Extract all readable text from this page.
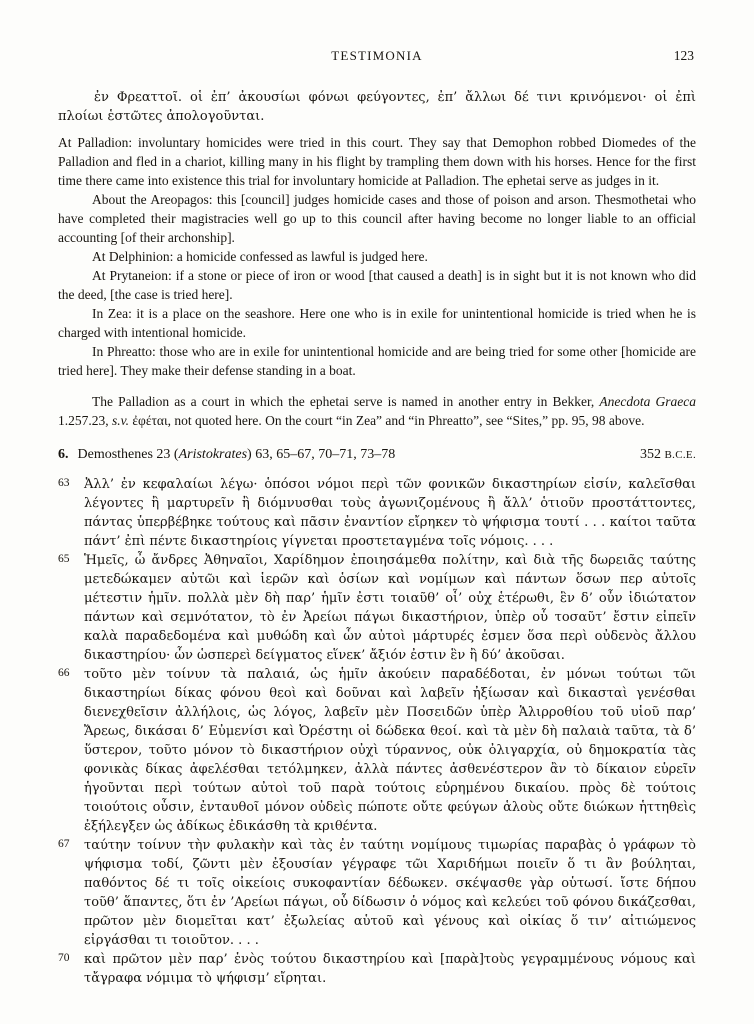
TESTIMONIA	123

ἐν Φρεαττοῖ. οἱ ἐπ’ ἀκουσίωι φόνωι φεύγοντες, ἐπ’ ἄλλωι δέ τινι κρινόμενοι· οἱ ἐπὶ πλοίωι ἑστῶτες ἀπολογοῦνται.

At Palladion: involuntary homicides were tried in this court. They say that Demophon robbed Diomedes of the Palladion and fled in a chariot, killing many in his flight by trampling them down with his horses. Hence for the first time there came into existence this trial for involuntary homicide at Palladion. The ephetai serve as judges in it.

About the Areopagos: this [council] judges homicide cases and those of poison and arson. Thesmothetai who have completed their magistracies well go up to this council after having become no longer liable to an official accounting [of their archonship].

At Delphinion: a homicide confessed as lawful is judged here.

At Prytaneion: if a stone or piece of iron or wood [that caused a death] is in sight but it is not known who did the deed, [the case is tried here].

In Zea: it is a place on the seashore. Here one who is in exile for unintentional homicide is tried when he is charged with intentional homicide.

In Phreatto: those who are in exile for unintentional homicide and are being tried for some other [homicide are tried here]. They make their defense standing in a boat.

The Palladion as a court in which the ephetai serve is named in another entry in Bekker, Anecdota Graeca 1.257.23, s.v. ἐφέται, not quoted here. On the court “in Zea” and “in Phreatto”, see “Sites,” pp. 95, 98 above.

6. Demosthenes 23 (Aristokrates) 63, 65–67, 70–71, 73–78	352 B.C.E.
63 Ἀλλ’ ἐν κεφαλαίωι λέγω· ὁπόσοι νόμοι περὶ τῶν φονικῶν δικαστηρίων εἰσίν, καλεῖσθαι λέγοντες ἢ μαρτυρεῖν ἢ διόμνυσθαι τοὺς ἀγωνιζομένους ἢ ἄλλ’ ὁτιοῦν προστάττοντες, πάντας ὑπερβέβηκε τούτους καὶ πᾶσιν ἐναντίον εἴρηκεν τὸ ψήφισμα τουτί . . . καίτοι ταῦτα πάντ’ ἐπὶ πέντε δικαστηρίοις γίγνεται προστεταγμένα τοῖς νόμοις. . . .

65 Ἡμεῖς, ὦ ἄνδρες Ἀθηναῖοι, Χαρίδημον ἐποιησάμεθα πολίτην, καὶ διὰ τῆς δωρειᾶς ταύτης μετεδώκαμεν αὐτῶι καὶ ἱερῶν καὶ ὁσίων καὶ νομίμων καὶ πάντων ὅσων περ αὐτοῖς μέτεστιν ἡμῖν. πολλὰ μὲν δὴ παρ’ ἡμῖν ἐστι τοιαῦθ’ οἷ’ οὐχ ἑτέρωθι, ἓν δ’ οὖν ἰδιώτατον πάντων καὶ σεμνότατον, τὸ ἐν Ἀρείωι πάγωι δικαστήριον, ὑπὲρ οὗ τοσαῦτ’ ἔστιν εἰπεῖν καλὰ παραδεδομένα καὶ μυθώδη καὶ ὧν αὐτοὶ μάρτυρές ἐσμεν ὅσα περὶ οὐδενὸς ἄλλου δικαστηρίου· ὧν ὡσπερεὶ δείγματος εἵνεκ’ ἄξιόν ἐστιν ἓν ἢ δύ’ ἀκοῦσαι.

66 τοῦτο μὲν τοίνυν τὰ παλαιά, ὡς ἡμῖν ἀκούειν παραδέδοται, ἐν μόνωι τούτωι τῶι δικαστηρίωι δίκας φόνου θεοὶ καὶ δοῦναι καὶ λαβεῖν ἠξίωσαν καὶ δικασταὶ γενέσθαι διενεχθεῖσιν ἀλλήλοις, ὡς λόγος, λαβεῖν μὲν Ποσειδῶν ὑπὲρ Ἁλιρροθίου τοῦ υἱοῦ παρ’ Ἄρεως, δικάσαι δ’ Εὐμενίσι καὶ Ὀρέστηι οἱ δώδεκα θεοί. καὶ τὰ μὲν δὴ παλαιὰ ταῦτα, τὰ δ’ ὕστερον, τοῦτο μόνον τὸ δικαστήριον οὐχὶ τύραννος, οὐκ ὀλιγαρχία, οὐ δημοκρατία τὰς φονικὰς δίκας ἀφελέσθαι τετόλμηκεν, ἀλλὰ πάντες ἀσθενέστερον ἂν τὸ δίκαιον εὑρεῖν ἡγοῦνται περὶ τούτων αὐτοὶ τοῦ παρὰ τούτοις εὑρημένου δικαίου. πρὸς δὲ τούτοις τοιούτοις οὖσιν, ἐνταυθοῖ μόνον οὐδεὶς πώποτε οὔτε φεύγων ἁλοὺς οὔτε διώκων ἡττηθεὶς ἐξήλεγξεν ὡς ἀδίκως ἐδικάσθη τὰ κριθέντα.

67 ταύτην τοίνυν τὴν φυλακὴν καὶ τὰς ἐν ταύτηι νομίμους τιμωρίας παραβὰς ὁ γράφων τὸ ψήφισμα τοδί, ζῶντι μὲν ἐξουσίαν γέγραφε τῶι Χαριδήμωι ποιεῖν ὅ τι ἂν βούληται, παθόντος δέ τι τοῖς οἰκείοις συκοφαντίαν δέδωκεν. σκέψασθε γὰρ οὑτωσί. ἴστε δήπου τοῦθ’ ἅπαντες, ὅτι ἐν ’Αρείωι πάγωι, οὗ δίδωσιν ὁ νόμος καὶ κελεύει τοῦ φόνου δικάζεσθαι, πρῶτον μὲν διομεῖται κατ’ ἐξωλείας αὑτοῦ καὶ γένους καὶ οἰκίας ὅ τιν’ αἰτιώμενος εἰργάσθαι τι τοιοῦτον. . . .

70 καὶ πρῶτον μὲν παρ’ ἑνὸς τούτου δικαστηρίου καὶ [παρὰ]τοὺς γεγραμμένους νόμους καὶ τἄγραφα νόμιμα τὸ ψήφισμ’ εἴρηται.
